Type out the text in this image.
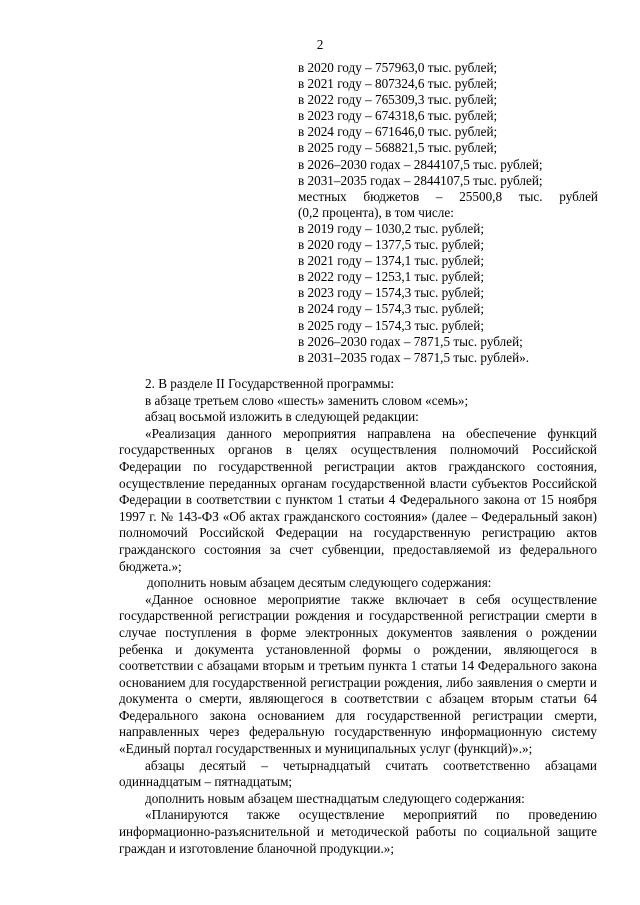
2
в 2020 году – 757963,0 тыс. рублей;
в 2021 году – 807324,6 тыс. рублей;
в 2022 году – 765309,3 тыс. рублей;
в 2023 году – 674318,6 тыс. рублей;
в 2024 году – 671646,0 тыс. рублей;
в 2025 году – 568821,5 тыс. рублей;
в 2026–2030 годах – 2844107,5 тыс. рублей;
в 2031–2035 годах – 2844107,5 тыс. рублей;
местных бюджетов – 25500,8 тыс. рублей
(0,2 процента), в том числе:
в 2019 году – 1030,2 тыс. рублей;
в 2020 году – 1377,5 тыс. рублей;
в 2021 году – 1374,1 тыс. рублей;
в 2022 году – 1253,1 тыс. рублей;
в 2023 году – 1574,3 тыс. рублей;
в 2024 году – 1574,3 тыс. рублей;
в 2025 году – 1574,3 тыс. рублей;
в 2026–2030 годах – 7871,5 тыс. рублей;
в 2031–2035 годах – 7871,5 тыс. рублей».

2. В разделе II Государственной программы:

в абзаце третьем слово «шесть» заменить словом «семь»;

абзац восьмой изложить в следующей редакции:

«Реализация данного мероприятия направлена на обеспечение функций государственных органов в целях осуществления полномочий Российской Федерации по государственной регистрации актов гражданского состояния, осуществление переданных органам государственной власти субъектов Российской Федерации в соответствии с пунктом 1 статьи 4 Федерального закона от 15 ноября 1997 г. № 143-ФЗ «Об актах гражданского состояния» (далее – Федеральный закон) полномочий Российской Федерации на государственную регистрацию актов гражданского состояния за счет субвенции, предоставляемой из федерального бюджета.»;

дополнить новым абзацем десятым следующего содержания:

«Данное основное мероприятие также включает в себя осуществление государственной регистрации рождения и государственной регистрации смерти в случае поступления в форме электронных документов заявления о рождении ребенка и документа установленной формы о рождении, являющегося в соответствии с абзацами вторым и третьим пункта 1 статьи 14 Федерального закона основанием для государственной регистрации рождения, либо заявления о смерти и документа о смерти, являющегося в соответствии с абзацем вторым статьи 64 Федерального закона основанием для государственной регистрации смерти, направленных через федеральную государственную информационную систему «Единый портал государственных и муниципальных услуг (функций)».»;

абзацы десятый – четырнадцатый считать соответственно абзацами одиннадцатым – пятнадцатым;

дополнить новым абзацем шестнадцатым следующего содержания:

«Планируются также осуществление мероприятий по проведению информационно-разъяснительной и методической работы по социальной защите граждан и изготовление бланочной продукции.»;
